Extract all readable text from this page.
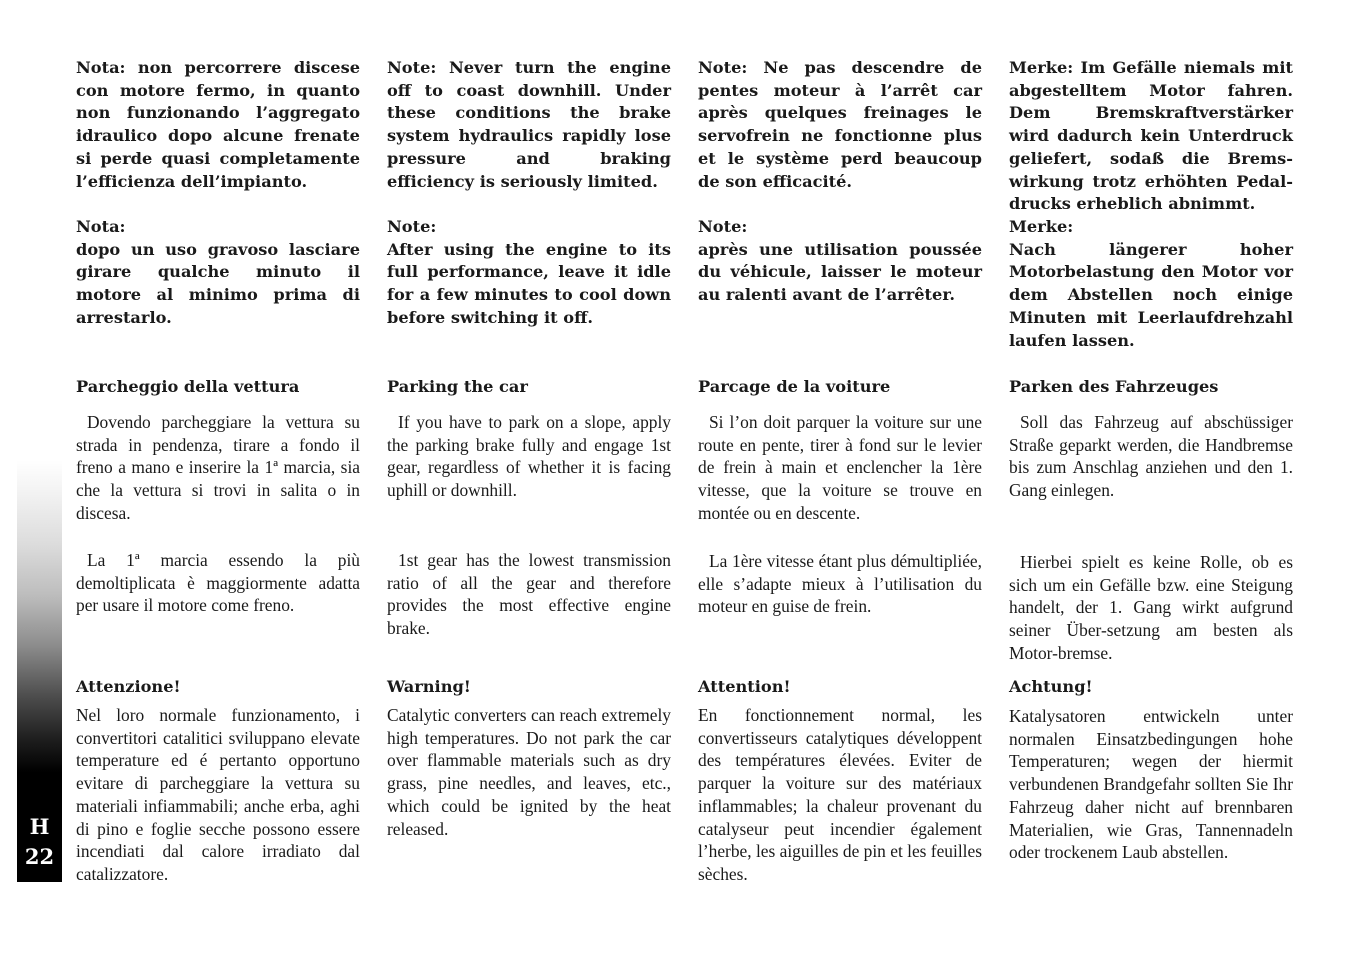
H
22

Nota: non percorrere discese con motore fermo, in quanto non funzionando l’aggregato idraulico dopo alcune frenate si perde quasi completamente l’efficienza dell’impianto.

Nota:

dopo un uso gravoso lasciare girare qualche minuto il motore al minimo prima di arrestarlo.

Parcheggio della vettura

Dovendo parcheggiare la vettura su strada in pendenza, tirare a fondo il freno a mano e inserire la 1ª marcia, sia che la vettura si trovi in salita o in discesa.

La 1ª marcia essendo la più demoltiplicata è maggiormente adatta per usare il motore come freno.

Attenzione!

Nel loro normale funzionamento, i convertitori catalitici sviluppano elevate temperature ed é pertanto opportuno evitare di parcheggiare la vettura su materiali infiammabili; anche erba, aghi di pino e foglie secche possono essere incendiati dal calore irradiato dal catalizzatore.

Note: Never turn the engine off to coast downhill. Under these conditions the brake system hydraulics rapidly lose pressure and braking efficiency is seriously limited.

Note:

After using the engine to its full performance, leave it idle for a few minutes to cool down before switching it off.

Parking the car

If you have to park on a slope, apply the parking brake fully and engage 1st gear, regardless of whether it is facing uphill or downhill.

1st gear has the lowest transmission ratio of all the gear and therefore provides the most effective engine brake.

Warning!

Catalytic converters can reach extremely high temperatures. Do not park the car over flammable materials such as dry grass, pine needles, and leaves, etc., which could be ignited by the heat released.

Note: Ne pas descendre de pentes moteur à l’arrêt car après quelques freinages le servofrein ne fonctionne plus et le système perd beaucoup de son efficacité.

Note:

après une utilisation poussée du véhicule, laisser le moteur au ralenti avant de l’arrêter.

Parcage de la voiture

Si l’on doit parquer la voiture sur une route en pente, tirer à fond sur le levier de frein à main et enclencher la 1ère vitesse, que la voiture se trouve en montée ou en descente.

La 1ère vitesse étant plus démultipliée, elle s’adapte mieux à l’utilisation du moteur en guise de frein.

Attention!

En fonctionnement normal, les convertisseurs catalytiques développent des températures élevées. Eviter de parquer la voiture sur des matériaux inflammables; la chaleur provenant du catalyseur peut incendier également l’herbe, les aiguilles de pin et les feuilles sèches.

Merke: Im Gefälle niemals mit abgestelltem Motor fahren. Dem Bremskraftverstärker wird dadurch kein Unterdruck geliefert, sodaß die Brems-wirkung trotz erhöhten Pedal-drucks erheblich abnimmt.

Merke:

Nach längerer hoher Motorbelastung den Motor vor dem Abstellen noch einige Minuten mit Leerlaufdrehzahl laufen lassen.

Parken des Fahrzeuges

Soll das Fahrzeug auf abschüssiger Straße geparkt werden, die Handbremse bis zum Anschlag anziehen und den 1. Gang einlegen.

Hierbei spielt es keine Rolle, ob es sich um ein Gefälle bzw. eine Steigung handelt, der 1. Gang wirkt aufgrund seiner Über-setzung am besten als Motor-bremse.

Achtung!

Katalysatoren entwickeln unter normalen Einsatzbedingungen hohe Temperaturen; wegen der hiermit verbundenen Brandgefahr sollten Sie Ihr Fahrzeug daher nicht auf brennbaren Materialien, wie Gras, Tannennadeln oder trockenem Laub abstellen.
